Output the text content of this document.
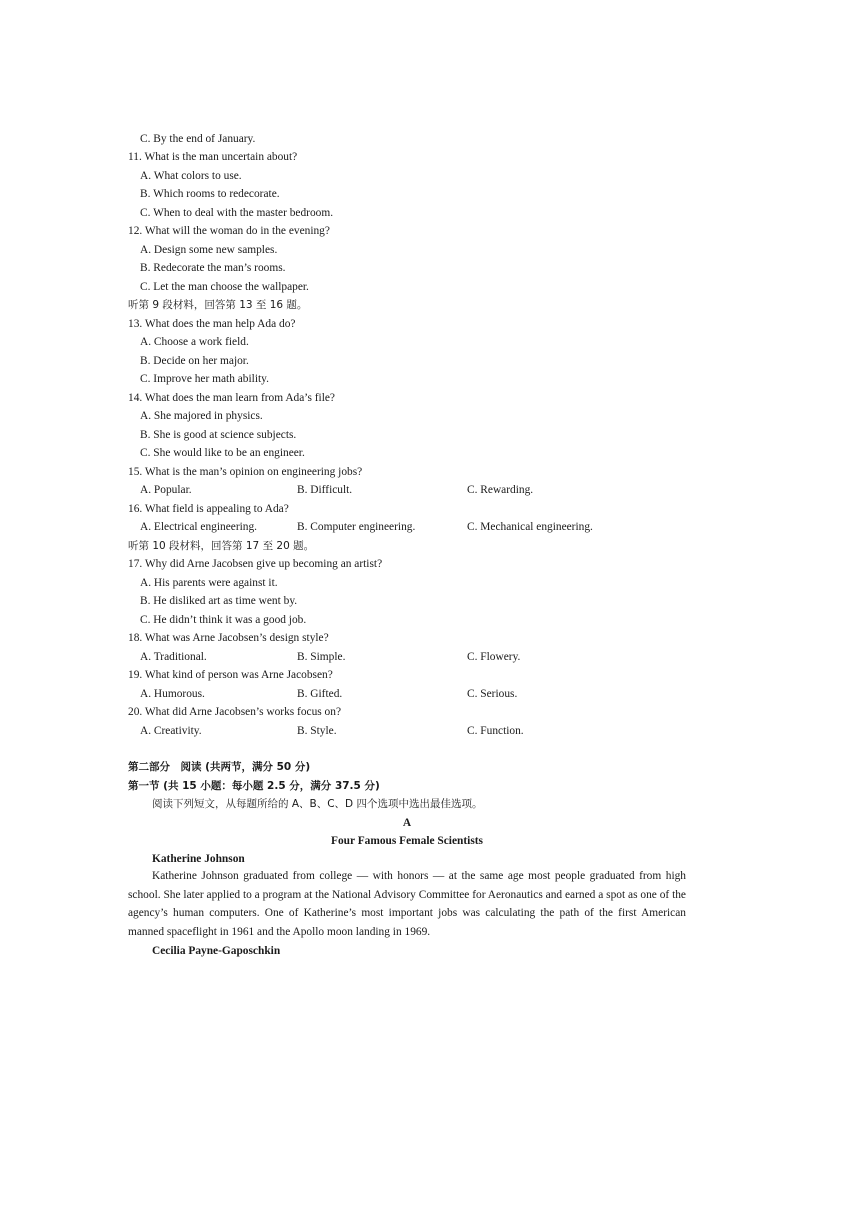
C. By the end of January.
11. What is the man uncertain about?
A. What colors to use.
B. Which rooms to redecorate.
C. When to deal with the master bedroom.
12. What will the woman do in the evening?
A. Design some new samples.
B. Redecorate the man’s rooms.
C. Let the man choose the wallpaper.
听第 9 段材料，回答第 13 至 16 题。
13. What does the man help Ada do?
A. Choose a work field.
B. Decide on her major.
C. Improve her math ability.
14. What does the man learn from Ada’s file?
A. She majored in physics.
B. She is good at science subjects.
C. She would like to be an engineer.
15. What is the man’s opinion on engineering jobs?
A. Popular.	B. Difficult.	C. Rewarding.
16. What field is appealing to Ada?
A. Electrical engineering.	B. Computer engineering.	C. Mechanical engineering.
听第 10 段材料，回答第 17 至 20 题。
17. Why did Arne Jacobsen give up becoming an artist?
A. His parents were against it.
B. He disliked art as time went by.
C. He didn’t think it was a good job.
18. What was Arne Jacobsen’s design style?
A. Traditional.	B. Simple.	C. Flowery.
19. What kind of person was Arne Jacobsen?
A. Humorous.	B. Gifted.	C. Serious.
20. What did Arne Jacobsen’s works focus on?
A. Creativity.	B. Style.	C. Function.
第二部分　阅读 (共两节，满分 50 分)
第一节 (共 15 小题：每小题 2.5 分，满分 37.5 分)
阅读下列短文，从每题所给的 A、B、C、D 四个选项中选出最佳选项。
A
Four Famous Female Scientists
Katherine Johnson
Katherine Johnson graduated from college — with honors — at the same age most people graduated from high school. She later applied to a program at the National Advisory Committee for Aeronautics and earned a spot as one of the agency’s human computers. One of Katherine’s most important jobs was calculating the path of the first American manned spaceflight in 1961 and the Apollo moon landing in 1969.
Cecilia Payne-Gaposchkin
